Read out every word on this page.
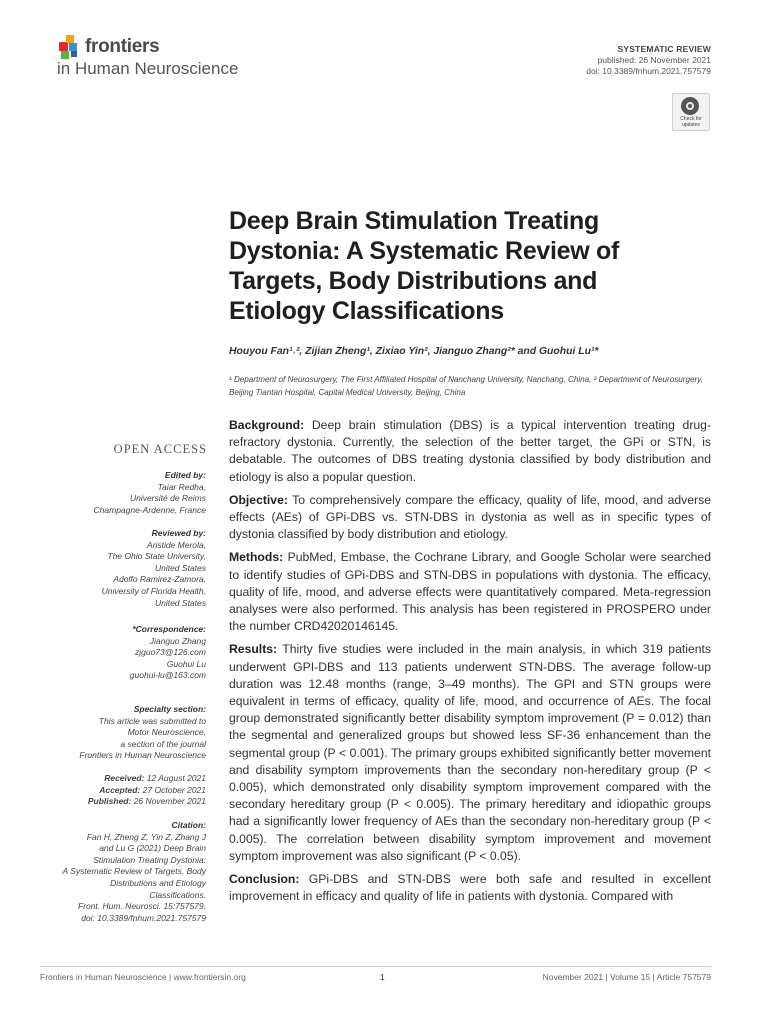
frontiers
in Human Neuroscience
SYSTEMATIC REVIEW
published: 26 November 2021
doi: 10.3389/fnhum.2021.757579
Check for updates
Deep Brain Stimulation Treating Dystonia: A Systematic Review of Targets, Body Distributions and Etiology Classifications
Houyou Fan¹˒², Zijian Zheng¹, Zixiao Yin², Jianguo Zhang²* and Guohui Lu¹*
¹ Department of Neurosurgery, The First Affiliated Hospital of Nanchang University, Nanchang, China, ² Department of Neurosurgery, Beijing Tiantan Hospital, Capital Medical University, Beijing, China
OPEN ACCESS
Edited by:
Taiar Redha,
Université de Reims
Champagne-Ardenne, France
Reviewed by:
Aristide Merola,
The Ohio State University,
United States
Adolfo Ramirez-Zamora,
University of Florida Health,
United States
*Correspondence:
Jianguo Zhang
zjguo73@126.com
Guohui Lu
guohui-lu@163.com
Specialty section:
This article was submitted to
Motor Neuroscience,
a section of the journal
Frontiers in Human Neuroscience
Received: 12 August 2021
Accepted: 27 October 2021
Published: 26 November 2021
Citation:
Fan H, Zheng Z, Yin Z, Zhang J
and Lu G (2021) Deep Brain
Stimulation Treating Dystonia:
A Systematic Review of Targets, Body
Distributions and Etiology
Classifications.
Front. Hum. Neurosci. 15:757579.
doi: 10.3389/fnhum.2021.757579

Background: Deep brain stimulation (DBS) is a typical intervention treating drug-refractory dystonia. Currently, the selection of the better target, the GPi or STN, is debatable. The outcomes of DBS treating dystonia classified by body distribution and etiology is also a popular question.

Objective: To comprehensively compare the efficacy, quality of life, mood, and adverse effects (AEs) of GPi-DBS vs. STN-DBS in dystonia as well as in specific types of dystonia classified by body distribution and etiology.

Methods: PubMed, Embase, the Cochrane Library, and Google Scholar were searched to identify studies of GPi-DBS and STN-DBS in populations with dystonia. The efficacy, quality of life, mood, and adverse effects were quantitatively compared. Meta-regression analyses were also performed. This analysis has been registered in PROSPERO under the number CRD42020146145.

Results: Thirty five studies were included in the main analysis, in which 319 patients underwent GPI-DBS and 113 patients underwent STN-DBS. The average follow-up duration was 12.48 months (range, 3–49 months). The GPI and STN groups were equivalent in terms of efficacy, quality of life, mood, and occurrence of AEs. The focal group demonstrated significantly better disability symptom improvement (P = 0.012) than the segmental and generalized groups but showed less SF-36 enhancement than the segmental group (P < 0.001). The primary groups exhibited significantly better movement and disability symptom improvements than the secondary non-hereditary group (P < 0.005), which demonstrated only disability symptom improvement compared with the secondary hereditary group (P < 0.005). The primary hereditary and idiopathic groups had a significantly lower frequency of AEs than the secondary non-hereditary group (P < 0.005). The correlation between disability symptom improvement and movement symptom improvement was also significant (P < 0.05).

Conclusion: GPi-DBS and STN-DBS were both safe and resulted in excellent improvement in efficacy and quality of life in patients with dystonia. Compared with

Frontiers in Human Neuroscience | www.frontiersin.org	1	November 2021 | Volume 15 | Article 757579
